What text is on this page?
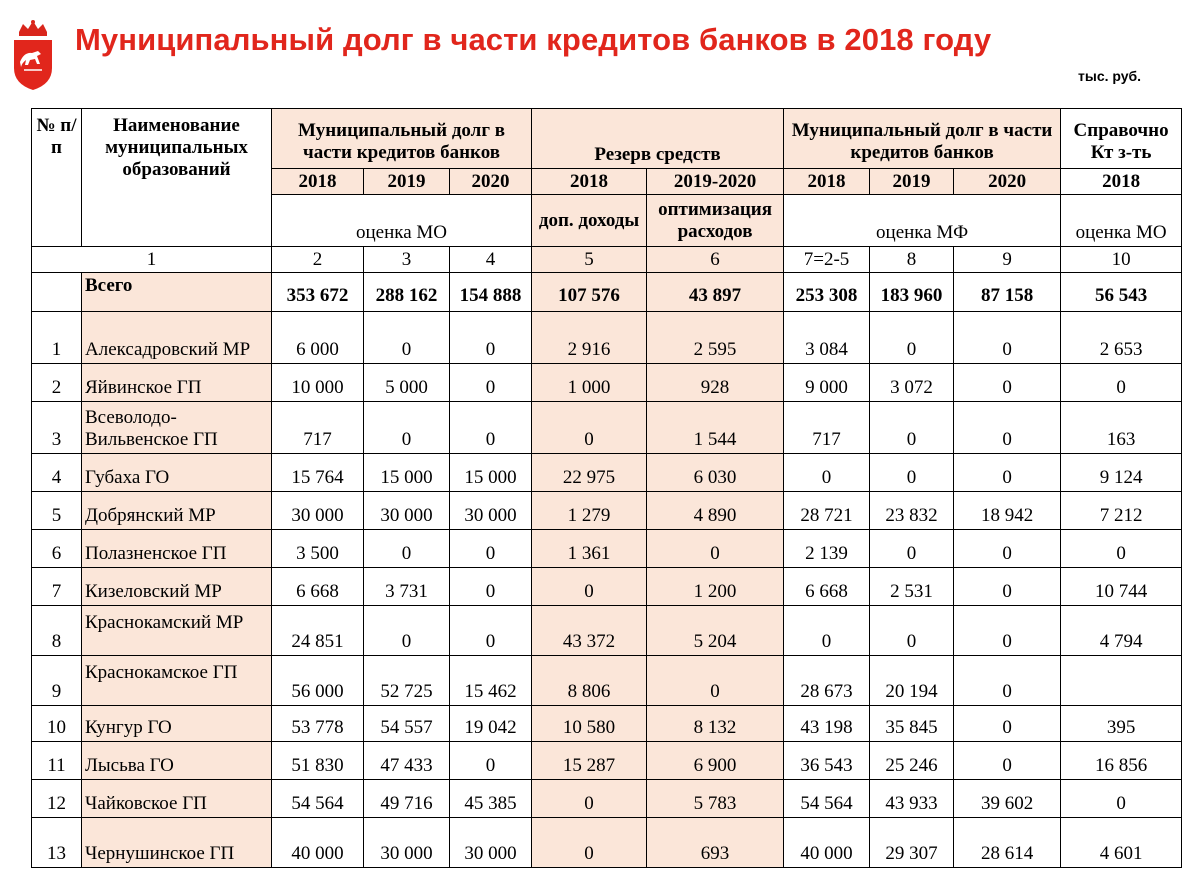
Муниципальный долг в части кредитов банков в 2018 году
тыс. руб.
№ п/п	Наименование муниципальных образований	Муниципальный долг в части кредитов банков			Резерв средств		Муниципальный долг в части кредитов банков			Справочно Кт з-ть
		2018	2019	2020	2018	2019-2020	2018	2019	2020	2018
		оценка МО			доп. доходы	оптимизация расходов	оценка МФ			оценка МО
1		2	3	4	5	6	7=2-5	8	9	10
	Всего	353 672	288 162	154 888	107 576	43 897	253 308	183 960	87 158	56 543
1	Алексадровский МР	6 000	0	0	2 916	2 595	3 084	0	0	2 653
2	Яйвинское ГП	10 000	5 000	0	1 000	928	9 000	3 072	0	0
3	Всеволодо-Вильвенское ГП	717	0	0	0	1 544	717	0	0	163
4	Губаха ГО	15 764	15 000	15 000	22 975	6 030	0	0	0	9 124
5	Добрянский МР	30 000	30 000	30 000	1 279	4 890	28 721	23 832	18 942	7 212
6	Полазненское ГП	3 500	0	0	1 361	0	2 139	0	0	0
7	Кизеловский МР	6 668	3 731	0	0	1 200	6 668	2 531	0	10 744
8	Краснокамский МР	24 851	0	0	43 372	5 204	0	0	0	4 794
9	Краснокамское ГП	56 000	52 725	15 462	8 806	0	28 673	20 194	0	
10	Кунгур ГО	53 778	54 557	19 042	10 580	8 132	43 198	35 845	0	395
11	Лысьва ГО	51 830	47 433	0	15 287	6 900	36 543	25 246	0	16 856
12	Чайковское ГП	54 564	49 716	45 385	0	5 783	54 564	43 933	39 602	0
13	Чернушинское ГП	40 000	30 000	30 000	0	693	40 000	29 307	28 614	4 601
